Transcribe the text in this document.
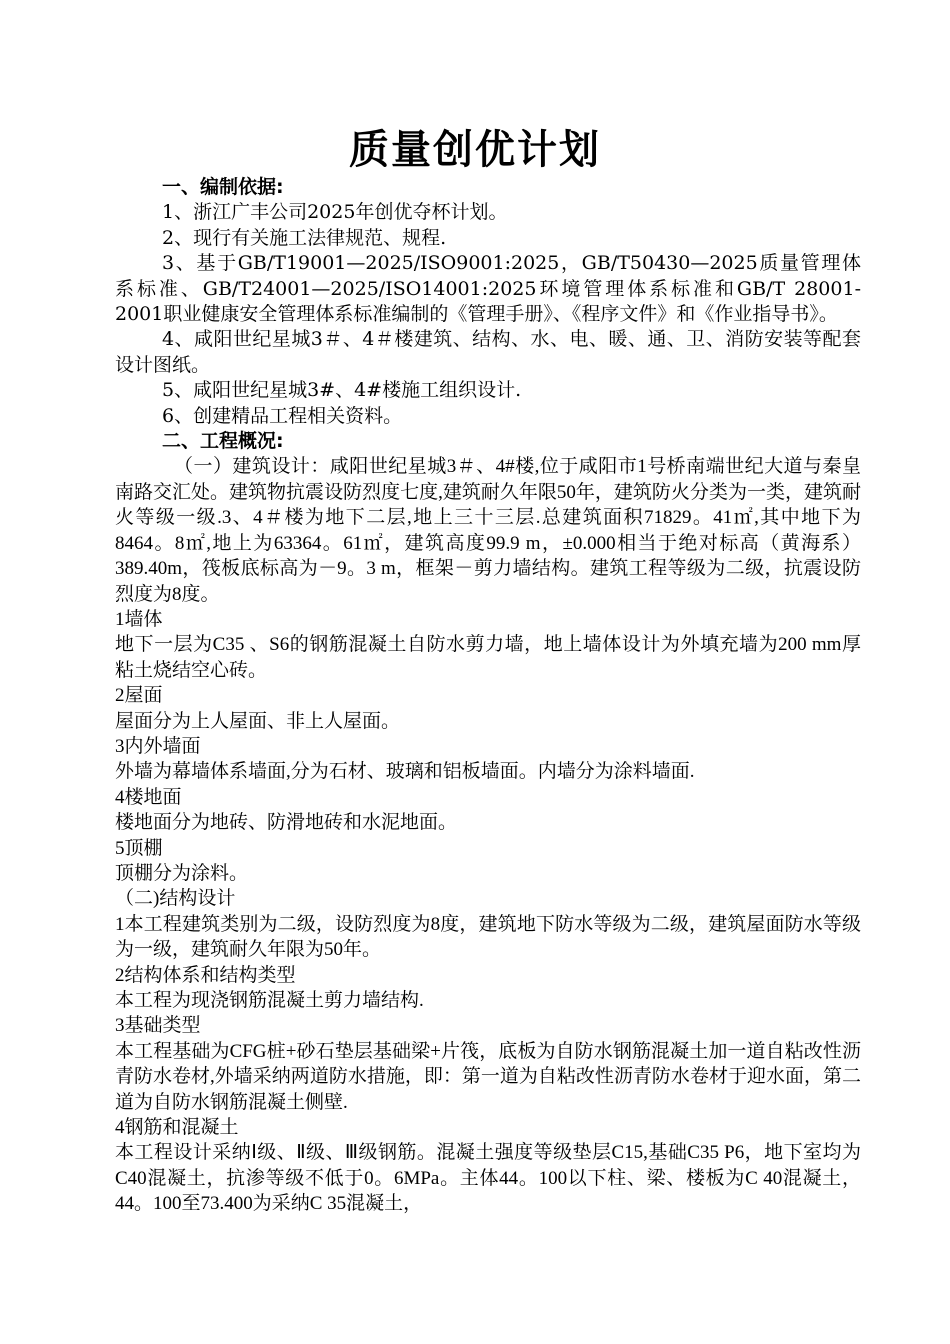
质量创优计划

一、编制依据:

1、浙江广丰公司2025年创优夺杯计划。

2、现行有关施工法律规范、规程.

3、基于GB/T19001—2025/ISO9001:2025，GB/T50430—2025质量管理体系标准、GB/T24001—2025/ISO14001:2025环境管理体系标准和GB/T 28001-2001职业健康安全管理体系标准编制的《管理手册》、《程序文件》和《作业指导书》。

4、咸阳世纪星城3＃、4＃楼建筑、结构、水、电、暖、通、卫、消防安装等配套设计图纸。

5、咸阳世纪星城3#、4#楼施工组织设计.

6、创建精品工程相关资料。

二、工程概况:

（一）建筑设计：咸阳世纪星城3＃、4#楼,位于咸阳市1号桥南端世纪大道与秦皇南路交汇处。建筑物抗震设防烈度七度,建筑耐久年限50年，建筑防火分类为一类，建筑耐火等级一级.3、4＃楼为地下二层,地上三十三层.总建筑面积71829。41㎡,其中地下为8464。8㎡,地上为63364。61㎡，建筑高度99.9 m，±0.000相当于绝对标高（黄海系）389.40m，筏板底标高为－9。3 m，框架－剪力墙结构。建筑工程等级为二级，抗震设防烈度为8度。

1墙体

地下一层为C35 、S6的钢筋混凝土自防水剪力墙，地上墙体设计为外填充墙为200 mm厚粘土烧结空心砖。

2屋面

屋面分为上人屋面、非上人屋面。

3内外墙面

外墙为幕墙体系墙面,分为石材、玻璃和铝板墙面。内墙分为涂料墙面.

4楼地面

楼地面分为地砖、防滑地砖和水泥地面。

5顶棚

顶棚分为涂料。

（二)结构设计

1本工程建筑类别为二级，设防烈度为8度，建筑地下防水等级为二级，建筑屋面防水等级为一级，建筑耐久年限为50年。

2结构体系和结构类型

本工程为现浇钢筋混凝土剪力墙结构.

3基础类型

本工程基础为CFG桩+砂石垫层基础梁+片筏，底板为自防水钢筋混凝土加一道自粘改性沥青防水卷材,外墙采纳两道防水措施，即：第一道为自粘改性沥青防水卷材于迎水面，第二道为自防水钢筋混凝土侧壁.

4钢筋和混凝土

本工程设计采纳Ⅰ级、Ⅱ级、Ⅲ级钢筋。混凝土强度等级垫层C15,基础C35 P6，地下室均为C40混凝土，抗渗等级不低于0。6MPa。主体44。100以下柱、梁、楼板为C 40混凝土，44。100至73.400为采纳C 35混凝土，
